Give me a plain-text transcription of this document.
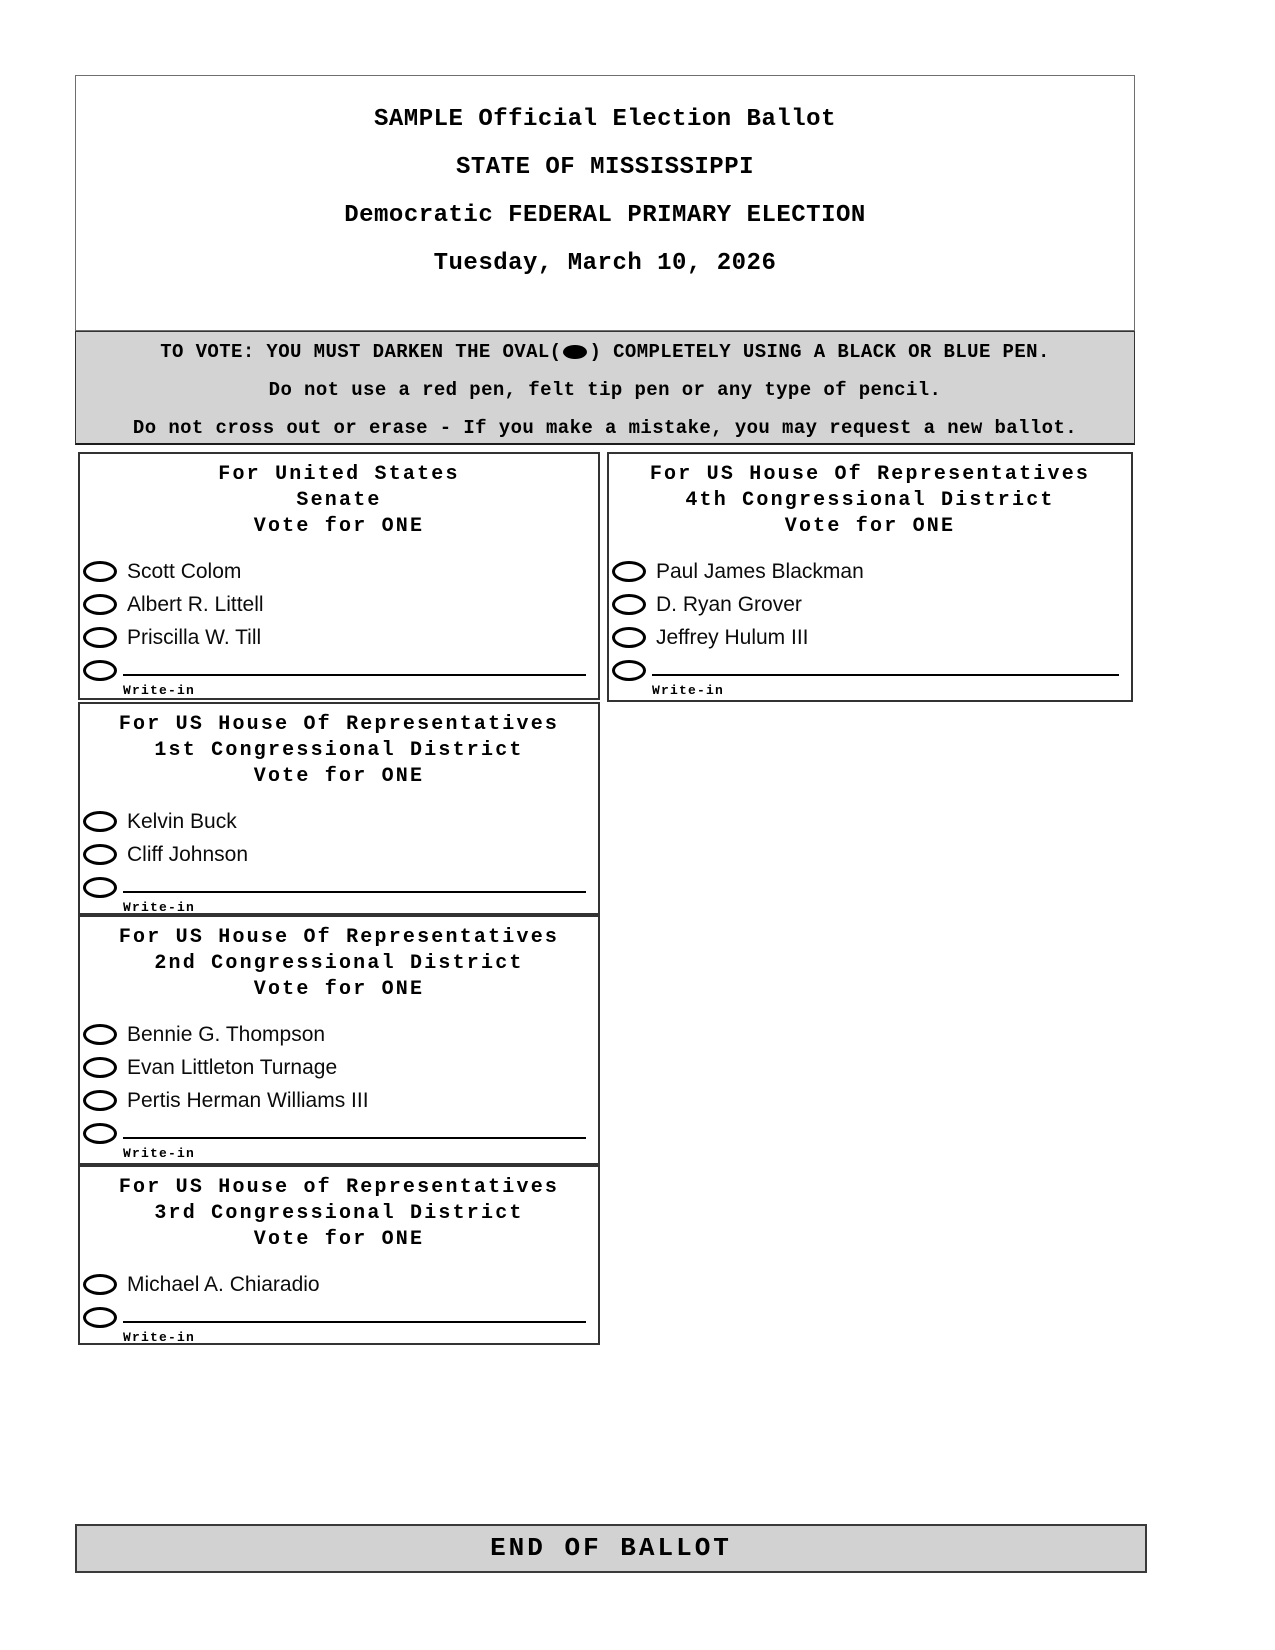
SAMPLE Official Election Ballot
STATE OF MISSISSIPPI
Democratic FEDERAL PRIMARY ELECTION
Tuesday, March 10, 2026
TO VOTE: YOU MUST DARKEN THE OVAL( ) COMPLETELY USING A BLACK OR BLUE PEN.
Do not use a red pen, felt tip pen or any type of pencil.
Do not cross out or erase - If you make a mistake, you may request a new ballot.
For United States
Senate
Vote for ONE
Scott Colom
Albert R. Littell
Priscilla W. Till
Write-in
For US House Of Representatives
4th Congressional District
Vote for ONE
Paul James Blackman
D. Ryan Grover
Jeffrey Hulum III
Write-in
For US House Of Representatives
1st Congressional District
Vote for ONE
Kelvin Buck
Cliff Johnson
Write-in
For US House Of Representatives
2nd Congressional District
Vote for ONE
Bennie G. Thompson
Evan Littleton Turnage
Pertis Herman Williams III
Write-in
For US House of Representatives
3rd Congressional District
Vote for ONE
Michael A. Chiaradio
Write-in
END OF BALLOT
